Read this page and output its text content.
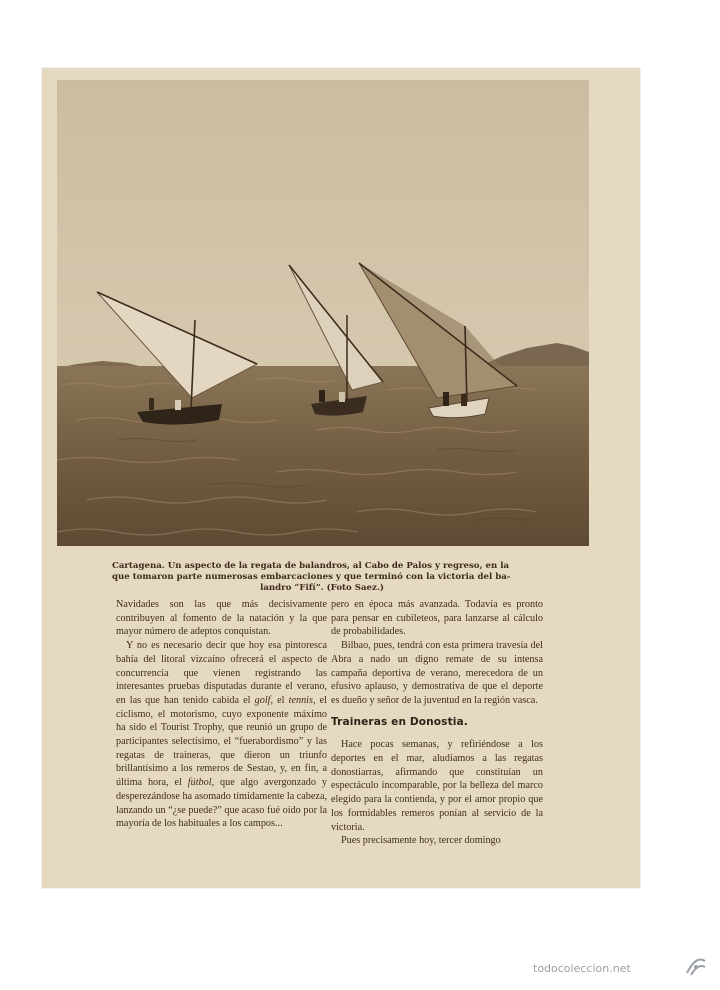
Cartagena. Un aspecto de la regata de balandros, al Cabo de Palos y regreso, en la
que tomaron parte numerosas embarcaciones y que terminó con la victoria del ba-
landro “Fifí”. (Foto Saez.)

Navidades son las que más decisivamente contribuyen al fomento de la natación y la que mayor número de adeptos conquistan.

Y no es necesario decir que hoy esa pintoresca bahía del litoral vizcaíno ofrecerá el aspecto de concurrencia que vienen registrando las interesantes pruebas disputadas durante el verano, en las que han tenido cabida el golf, el tennis, el ciclismo, el motorismo, cuyo exponente máximo ha sido el Tourist Trophy, que reunió un grupo de participantes selectísimo, el “fuerabordismo” y las regatas de traineras, que dieron un triunfo brillantísimo a los remeros de Sestao, y, en fin, a última hora, el fútbol, que algo avergonzado y desperezándose ha asomado tímidamente la cabeza, lanzando un “¿se puede?” que acaso fué oído por la mayoría de los habituales a los campos...

pero en época más avanzada. Todavía es pronto para pensar en cubileteos, para lanzarse al cálculo de probabilidades.

Bilbao, pues, tendrá con esta primera travesía del Abra a nado un digno remate de su intensa campaña deportiva de verano, merecedora de un efusivo aplauso, y demostrativa de que el deporte es dueño y señor de la juventud en la región vasca.

Traineras en Donostia.

Hace pocas semanas, y refiriéndose a los deportes en el mar, aludíamos a las regatas donostiarras, afirmando que constituían un espectáculo incomparable, por la belleza del marco elegido para la contienda, y por el amor propio que los formidables remeros ponían al servicio de la victoria.

Pues precisamente hoy, tercer domingo

todocoleccion.net
